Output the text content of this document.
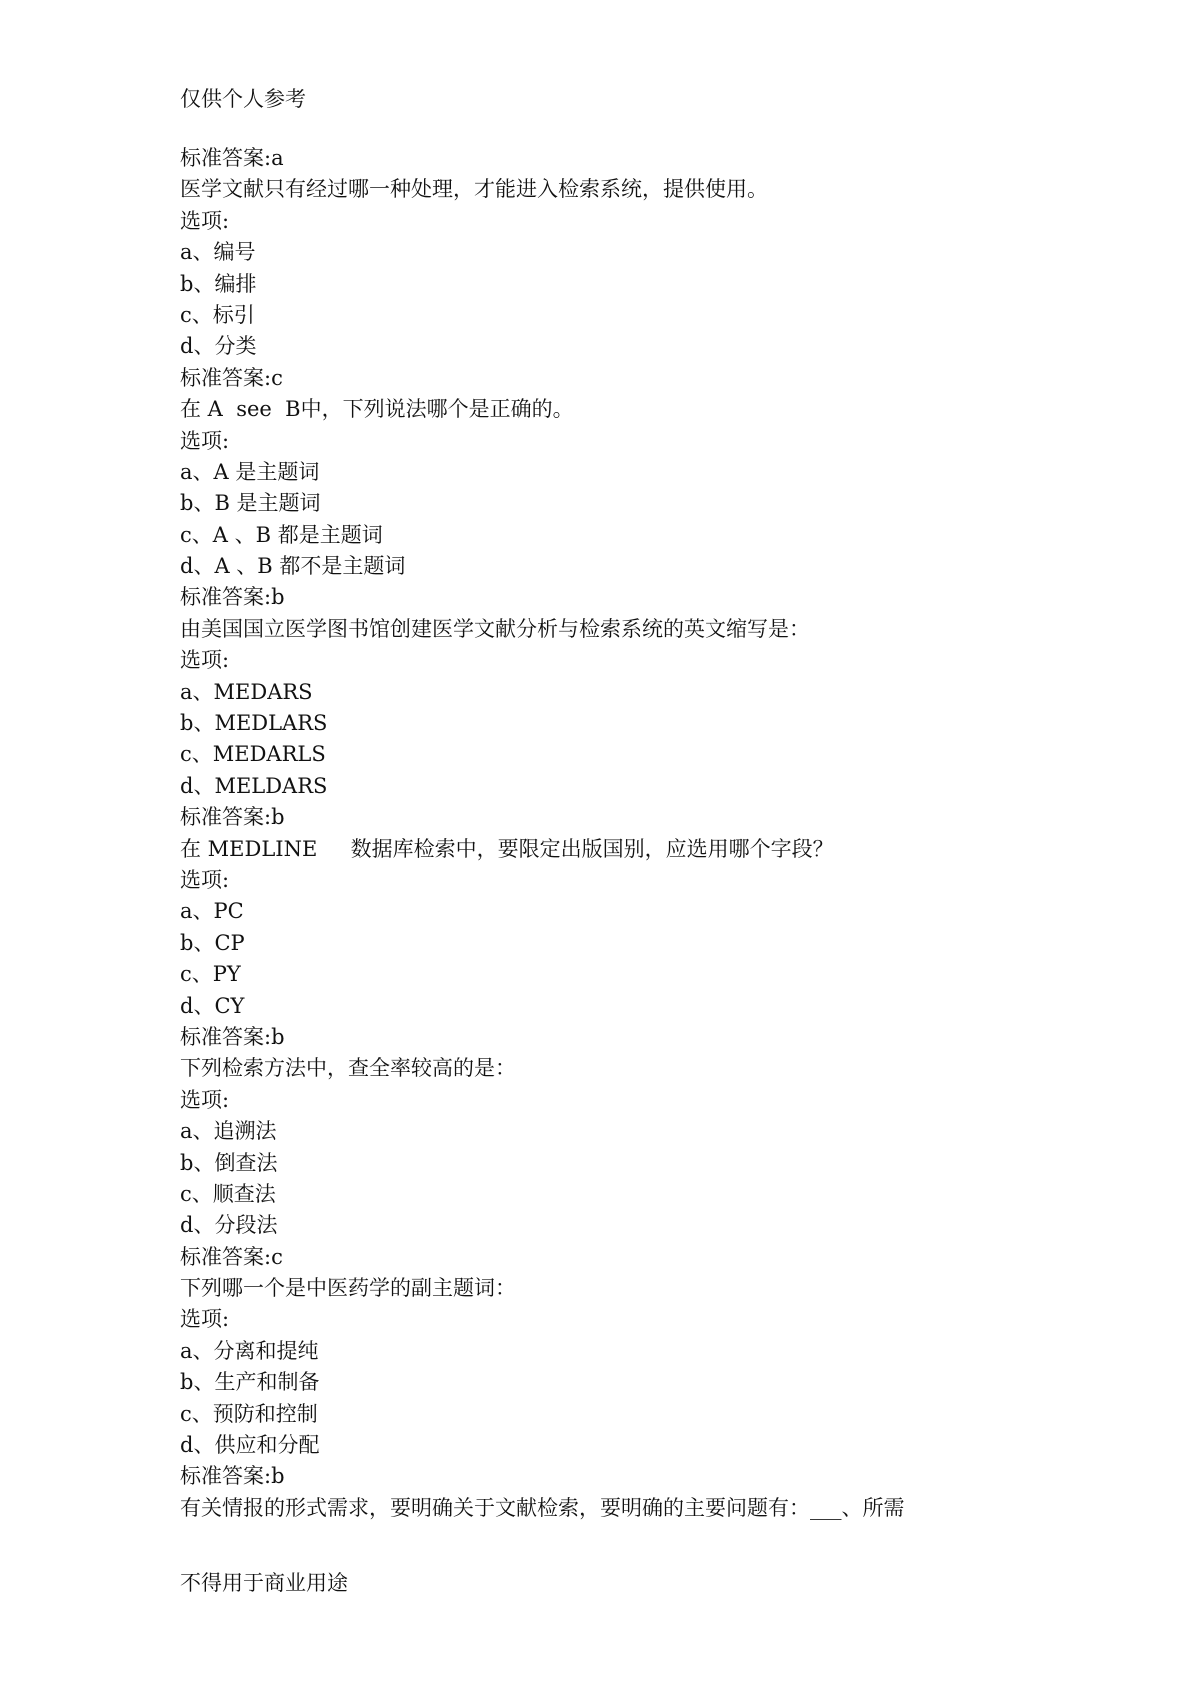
仅供个人参考
标准答案:a
医学文献只有经过哪一种处理，才能进入检索系统，提供使用。
选项:
a、编号
b、编排
c、标引
d、分类
标准答案:c
在 A  see  B中，下列说法哪个是正确的。
选项:
a、A 是主题词
b、B 是主题词
c、A 、B 都是主题词
d、A 、B 都不是主题词
标准答案:b
由美国国立医学图书馆创建医学文献分析与检索系统的英文缩写是：
选项:
a、MEDARS
b、MEDLARS
c、MEDARLS
d、MELDARS
标准答案:b
在 MEDLINE     数据库检索中，要限定出版国别，应选用哪个字段？
选项:
a、PC
b、CP
c、PY
d、CY
标准答案:b
下列检索方法中，查全率较高的是：
选项:
a、追溯法
b、倒查法
c、顺查法
d、分段法
标准答案:c
下列哪一个是中医药学的副主题词：
选项:
a、分离和提纯
b、生产和制备
c、预防和控制
d、供应和分配
标准答案:b
有关情报的形式需求，要明确关于文献检索，要明确的主要问题有：___、所需
不得用于商业用途
